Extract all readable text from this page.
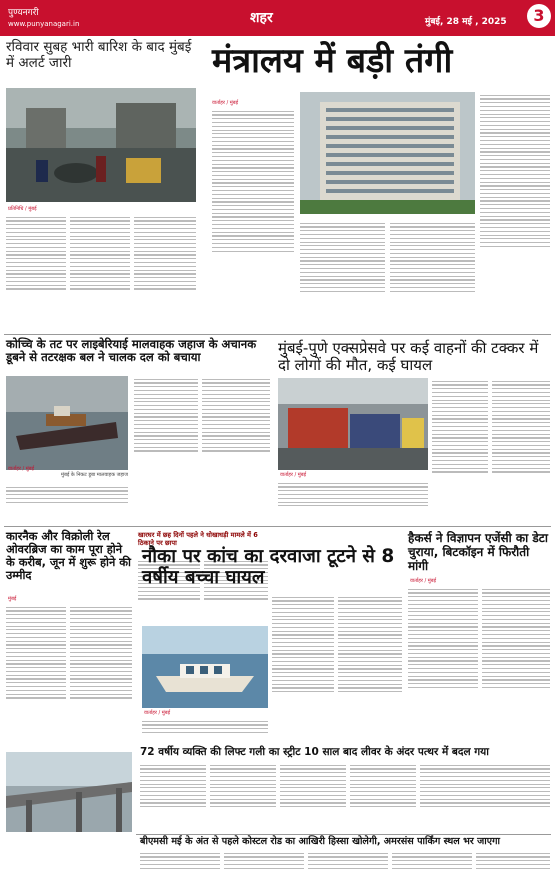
पुण्यनगरी
www.punyanagari.in	शहर	मुंबई, 28 मई , 2025	3
रविवार सुबह भारी बारिश के बाद मुंबई में अलर्ट जारी
प्रतिनिधि / मुंबई
मंत्रालय में बड़ी तंगी
वार्ताहर / मुंबई
कोच्चि के तट पर लाइबेरियाई मालवाहक जहाज के अचानक डूबने से तटरक्षक बल ने चालक दल को बचाया
मुंबई के निकट डूबा मालवाहक जहाज
वार्ताहर / मुंबई
मुंबई-पुणे एक्सप्रेसवे पर कई वाहनों की टक्कर में दो लोगों की मौत, कई घायल
वार्ताहर / मुंबई
कारनैक और विक्रोली रेल ओवरब्रिज का काम पूरा होने के करीब, जून में शुरू होने की उम्मीद
मुंबई
खारघर में छह दिनों पहले ने धोखाधड़ी मामले में 6 ठिकाने पर छापा
नौका पर कांच का दरवाजा टूटने से 8 वर्षीय बच्चा घायल
वार्ताहर / मुंबई
हैकर्स ने विज्ञापन एजेंसी का डेटा चुराया, बिटकॉइन में फिरौती मांगी
वार्ताहर / मुंबई
72 वर्षीय व्यक्ति की लिफ्ट गली का स्ट्रीट 10 साल बाद लीवर के अंदर पत्थर में बदल गया
बीएमसी मई के अंत से पहले कोस्टल रोड का आखिरी हिस्सा खोलेगी, अमरसंस पार्किंग स्थल भर जाएगा
